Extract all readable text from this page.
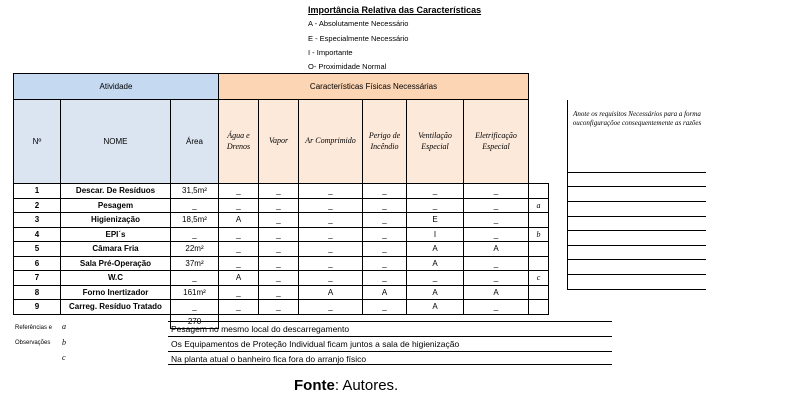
Importância Relativa das Características
A - Absolutamente Necessário
E - Especialmente Necessário
I - Importante
O- Proximidade Normal
Atividade			Características Físicas Necessárias						
Nº	NOME	Área	Água e Drenos	Vapor	Ar Comprimido	Perigo de Incêndio	Ventilação Especial	Eletrificação Especial	
1	Descar. De Resíduos	31,5m²	_	_	_	_	_	_	
2	Pesagem	_	_	_	_	_	_	_	a
3	Higienização	18,5m²	A	_	_	_	E	_	
4	EPI´s	_	_	_	_	_	I	_	b
5	Câmara Fria	22m²	_	_	_	_	A	A	
6	Sala Pré-Operação	37m²	_	_	_	_	A	_	
7	W.C	_	A	_	_	_	_	_	c
8	Forno Inertizador	161m²	_	_	A	A	A	A	
9	Carreg. Resíduo Tratado	_	_	_	_	_	A	_	
		270							
Anote os requisitos Necessários para a forma ouconfiguraçõoe consequentemente as razões
Referências e
Observações
a
b
c
Pesagem no mesmo local do descarregamento
Os Equipamentos de Proteção Individual ficam juntos a sala de higienização
Na planta atual o banheiro fica fora do arranjo físico
Fonte: Autores.
